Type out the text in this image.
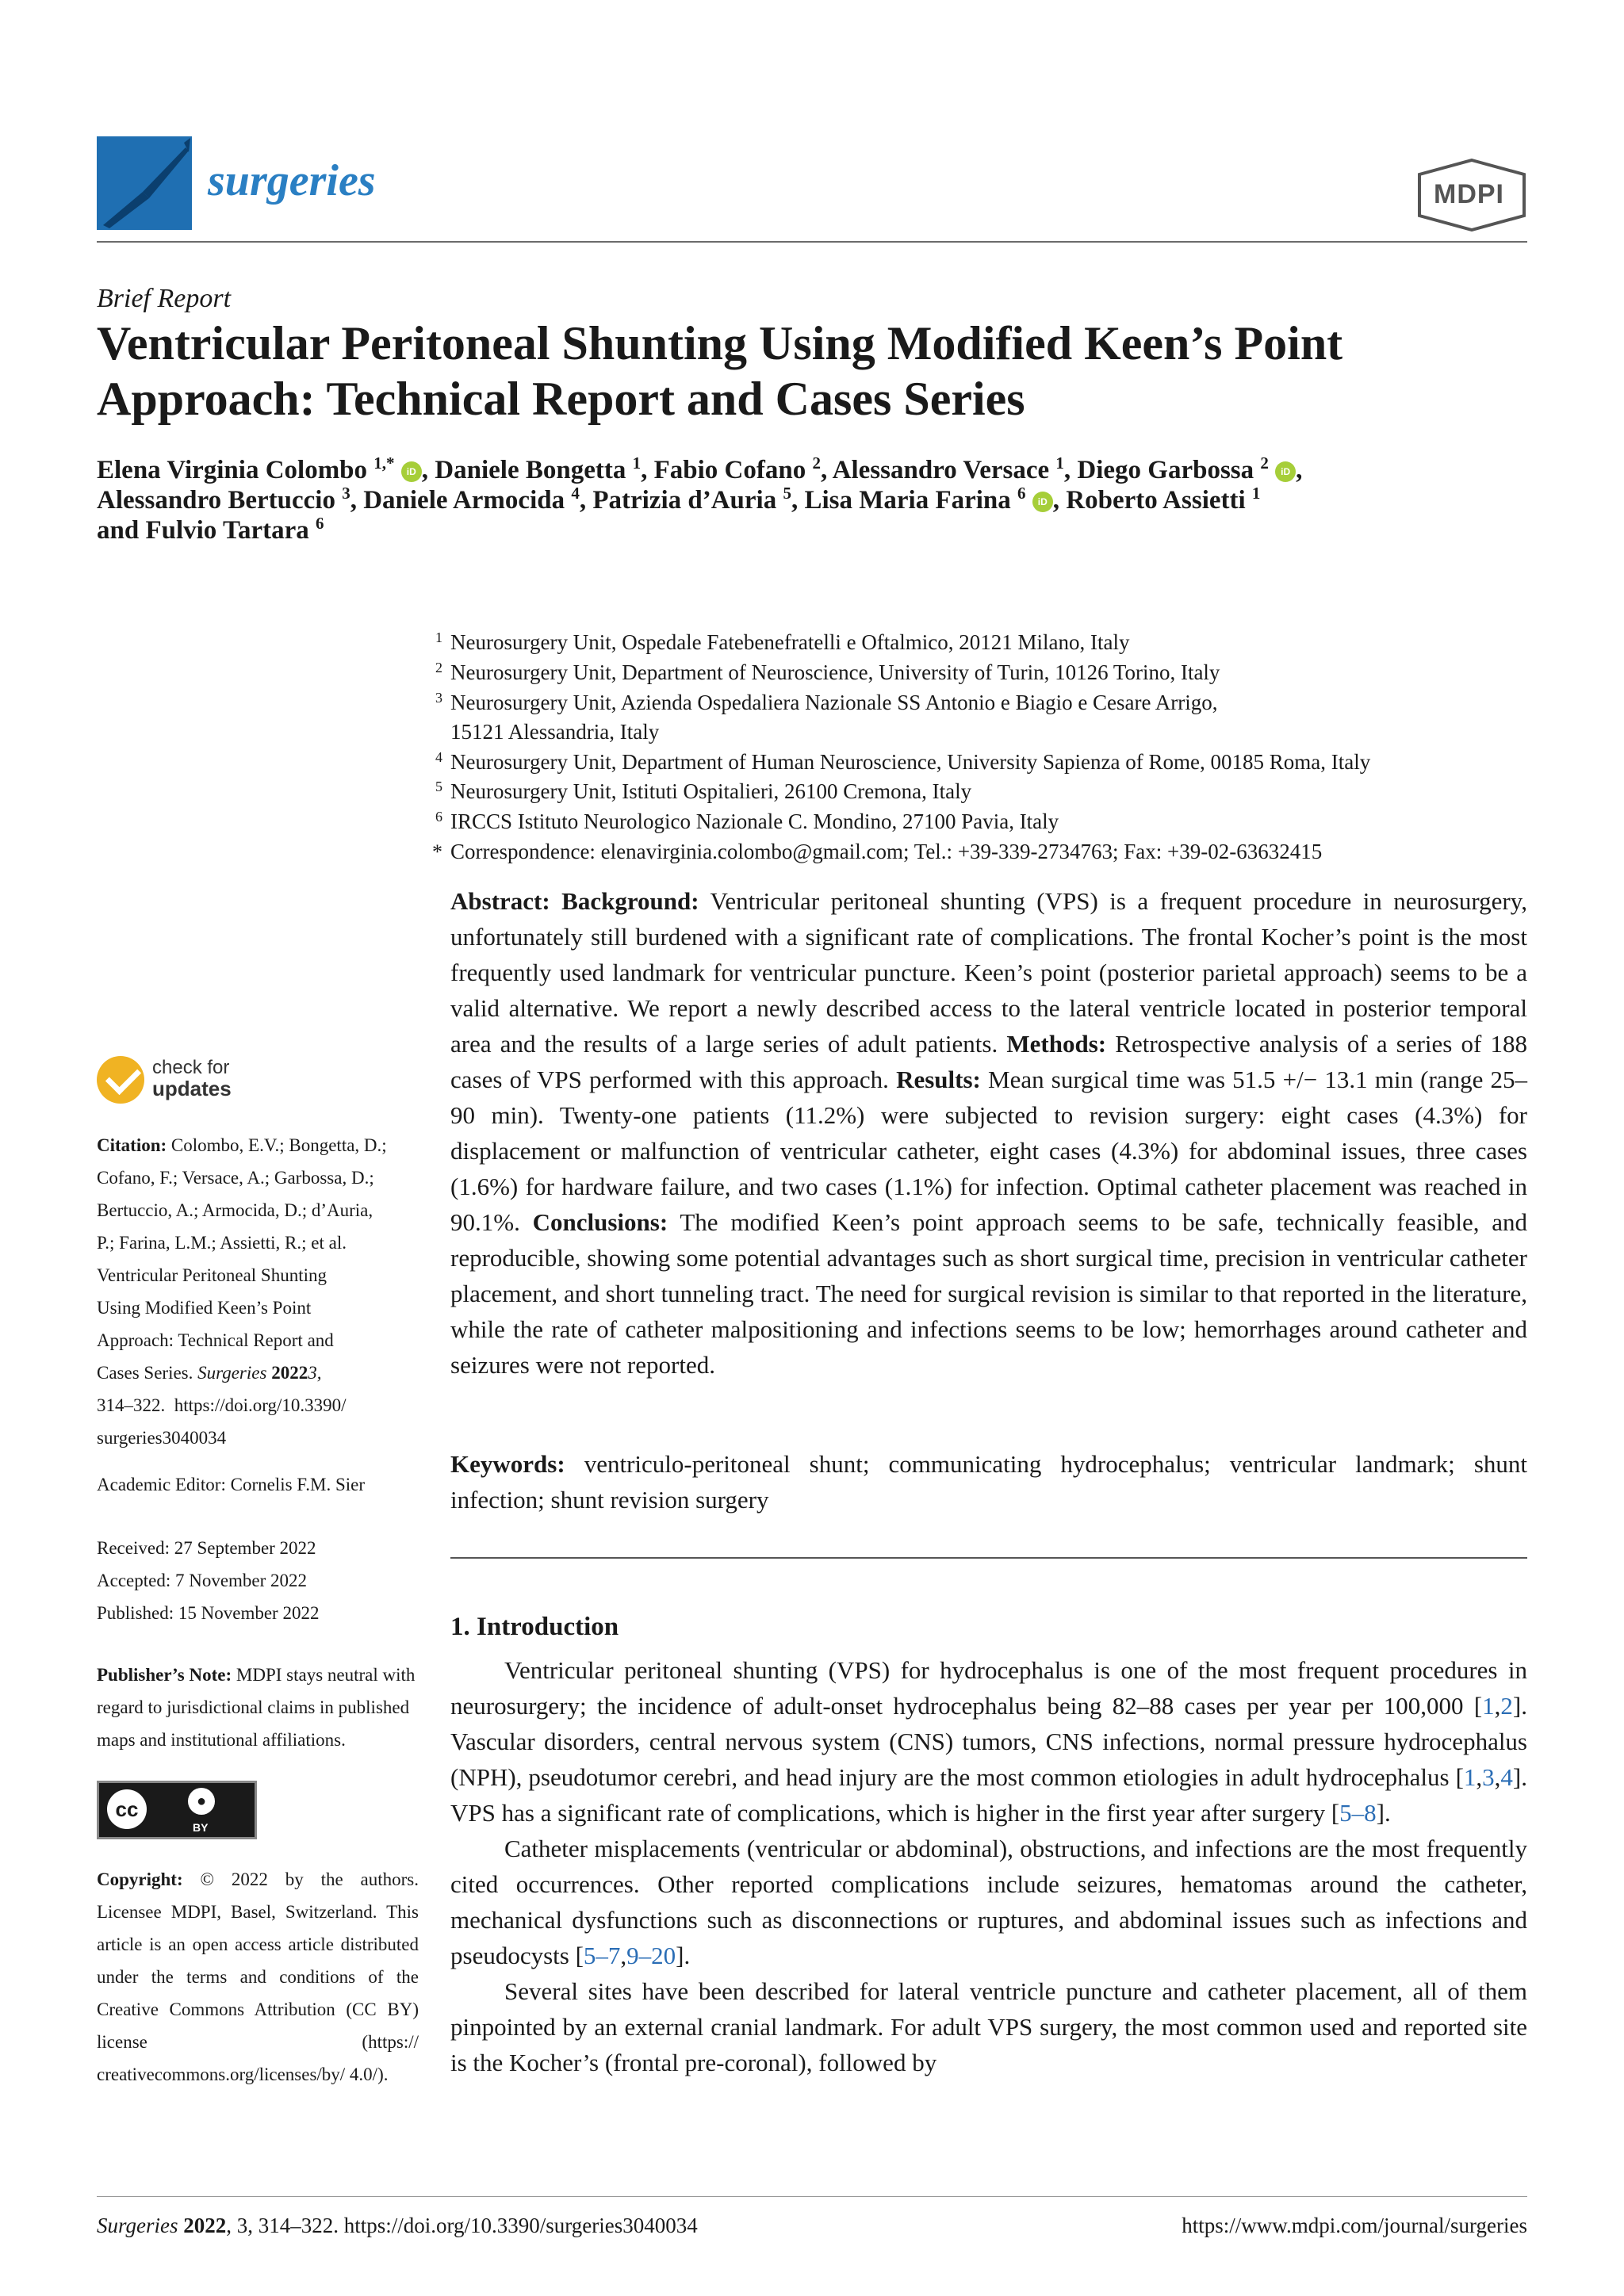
surgeries	MDPI
Brief Report
Ventricular Peritoneal Shunting Using Modified Keen’s Point Approach: Technical Report and Cases Series
Elena Virginia Colombo $^{1,*}$ iD , Daniele Bongetta $^1$, Fabio Cofano $^2$, Alessandro Versace $^1$, Diego Garbossa $^2$ iD ,
Alessandro Bertuccio $^3$, Daniele Armocida $^4$, Patrizia d’Auria $^5$, Lisa Maria Farina $^6$ iD , Roberto Assietti $^1$
and Fulvio Tartara $^6$
1 Neurosurgery Unit, Ospedale Fatebenefratelli e Oftalmico, 20121 Milano, Italy
2 Neurosurgery Unit, Department of Neuroscience, University of Turin, 10126 Torino, Italy
3 Neurosurgery Unit, Azienda Ospedaliera Nazionale SS Antonio e Biagio e Cesare Arrigo,
15121 Alessandria, Italy
4 Neurosurgery Unit, Department of Human Neuroscience, University Sapienza of Rome, 00185 Roma, Italy
5 Neurosurgery Unit, Istituti Ospitalieri, 26100 Cremona, Italy
6 IRCCS Istituto Neurologico Nazionale C. Mondino, 27100 Pavia, Italy
* Correspondence: elenavirginia.colombo@gmail.com; Tel.: +39-339-2734763; Fax: +39-02-63632415
check for
updates
Citation: Colombo, E.V.; Bongetta, D.;
Cofano, F.; Versace, A.; Garbossa, D.;
Bertuccio, A.; Armocida, D.; d’Auria,
P.; Farina, L.M.; Assietti, R.; et al.
Ventricular Peritoneal Shunting
Using Modified Keen’s Point
Approach: Technical Report and
Cases Series. Surgeries 20223,
314–322. https://doi.org/10.3390/
surgeries3040034
Academic Editor: Cornelis F.M. Sier
Received: 27 September 2022
Accepted: 7 November 2022
Published: 15 November 2022
Publisher’s Note: MDPI stays neutral with regard to jurisdictional claims in published maps and institutional affiliations.
cc	●
BY
Copyright: © 2022 by the authors. Licensee MDPI, Basel, Switzerland. This article is an open access article distributed under the terms and conditions of the Creative Commons Attribution (CC BY) license (https:// creativecommons.org/licenses/by/ 4.0/).
Abstract: Background: Ventricular peritoneal shunting (VPS) is a frequent procedure in neurosurgery, unfortunately still burdened with a significant rate of complications. The frontal Kocher’s point is the most frequently used landmark for ventricular puncture. Keen’s point (posterior parietal approach) seems to be a valid alternative. We report a newly described access to the lateral ventricle located in posterior temporal area and the results of a large series of adult patients. Methods: Retrospective analysis of a series of 188 cases of VPS performed with this approach. Results: Mean surgical time was 51.5 +/− 13.1 min (range 25–90 min). Twenty-one patients (11.2%) were subjected to revision surgery: eight cases (4.3%) for displacement or malfunction of ventricular catheter, eight cases (4.3%) for abdominal issues, three cases (1.6%) for hardware failure, and two cases (1.1%) for infection. Optimal catheter placement was reached in 90.1%. Conclusions: The modified Keen’s point approach seems to be safe, technically feasible, and reproducible, showing some potential advantages such as short surgical time, precision in ventricular catheter placement, and short tunneling tract. The need for surgical revision is similar to that reported in the literature, while the rate of catheter malpositioning and infections seems to be low; hemorrhages around catheter and seizures were not reported.
Keywords: ventriculo-peritoneal shunt; communicating hydrocephalus; ventricular landmark; shunt infection; shunt revision surgery
1. Introduction
Ventricular peritoneal shunting (VPS) for hydrocephalus is one of the most frequent procedures in neurosurgery; the incidence of adult-onset hydrocephalus being 82–88 cases per year per 100,000 [1,2]. Vascular disorders, central nervous system (CNS) tumors, CNS infections, normal pressure hydrocephalus (NPH), pseudotumor cerebri, and head injury are the most common etiologies in adult hydrocephalus [1,3,4]. VPS has a significant rate of complications, which is higher in the first year after surgery [5–8].
Catheter misplacements (ventricular or abdominal), obstructions, and infections are the most frequently cited occurrences. Other reported complications include seizures, hematomas around the catheter, mechanical dysfunctions such as disconnections or ruptures, and abdominal issues such as infections and pseudocysts [5–7,9–20].
Several sites have been described for lateral ventricle puncture and catheter placement, all of them pinpointed by an external cranial landmark. For adult VPS surgery, the most common used and reported site is the Kocher’s (frontal pre-coronal), followed by
Surgeries 2022, 3, 314–322. https://doi.org/10.3390/surgeries3040034	https://www.mdpi.com/journal/surgeries
